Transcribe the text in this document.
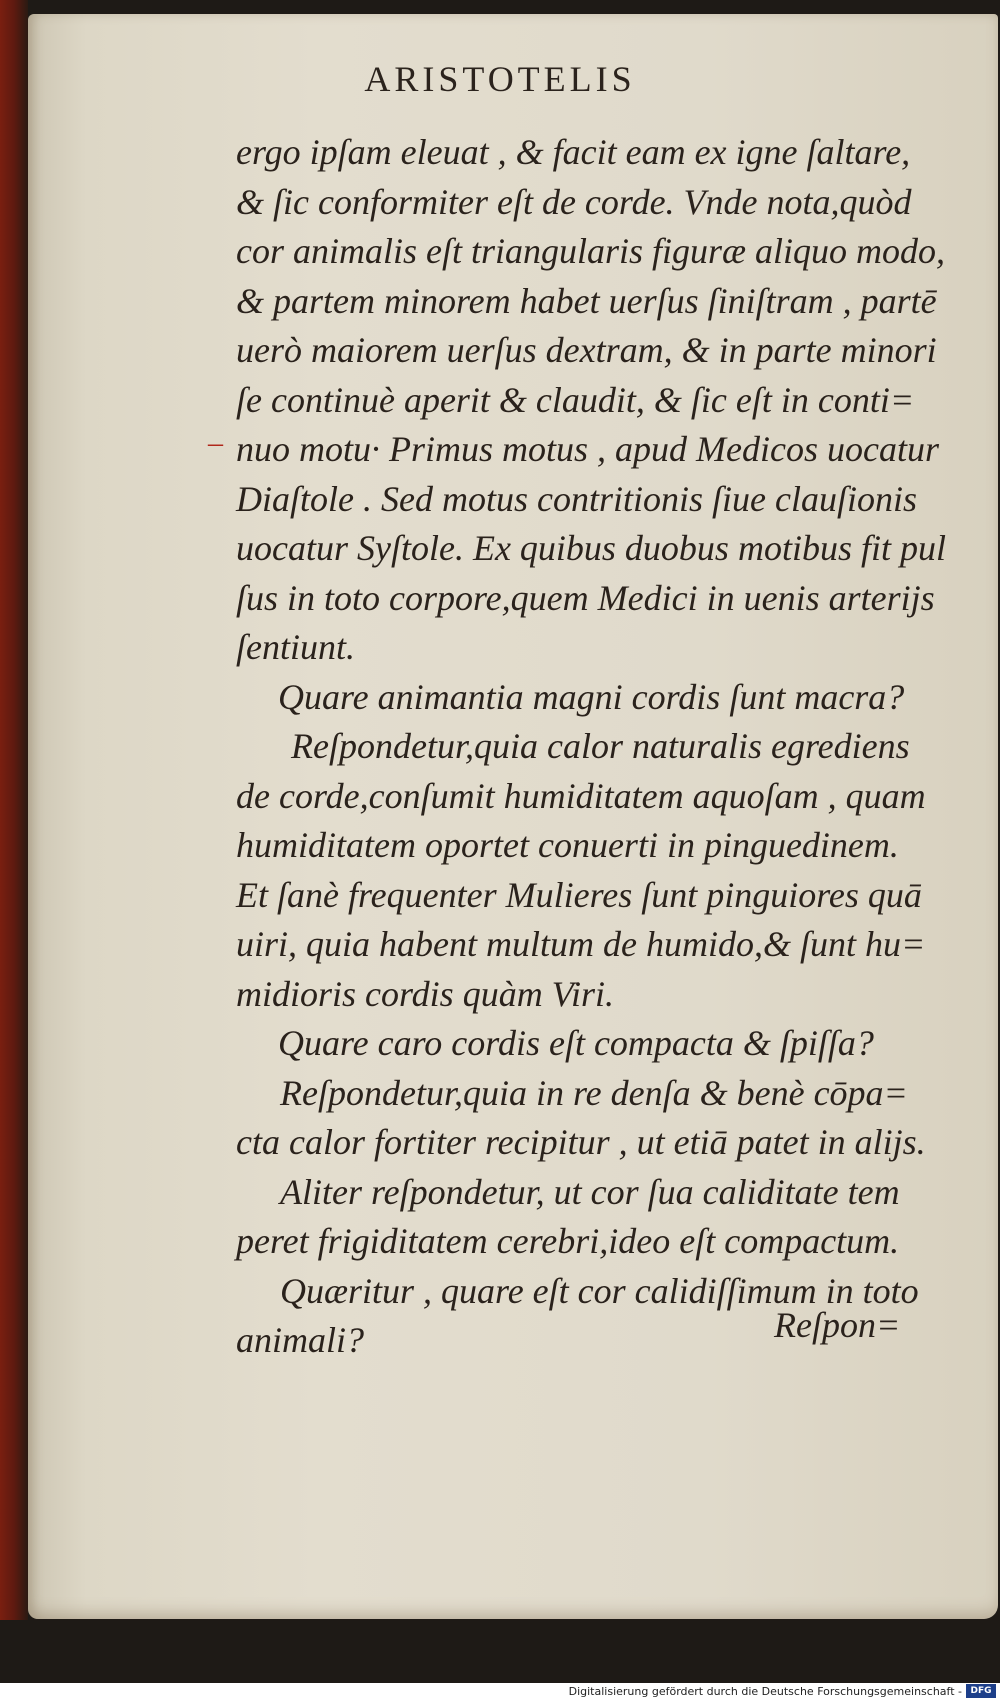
ARISTOTELIS
–
ergo ipſam eleuat , & facit eam ex igne ſaltare,
& ſic conformiter eſt de corde. Vnde nota,quòd
cor animalis eſt triangularis figuræ aliquo modo,
& partem minorem habet uerſus ſiniſtram , partē
uerò maiorem uerſus dextram, & in parte minori
ſe continuè aperit & claudit, & ſic eſt in conti=
nuo motu· Primus motus , apud Medicos uocatur
Diaſtole . Sed motus contritionis ſiue clauſionis
uocatur Syſtole. Ex quibus duobus motibus fit pul
ſus in toto corpore,quem Medici in uenis arterijs
ſentiunt.
Quare animantia magni cordis ſunt macra?
Reſpondetur,quia calor naturalis egrediens
de corde,conſumit humiditatem aquoſam , quam
humiditatem oportet conuerti in pinguedinem.
Et ſanè frequenter Mulieres ſunt pinguiores quā
uiri, quia habent multum de humido,& ſunt hu=
midioris cordis quàm Viri.
Quare caro cordis eſt compacta & ſpiſſa?
Reſpondetur,quia in re denſa & benè cōpa=
cta calor fortiter recipitur , ut etiā patet in alijs.
Aliter reſpondetur, ut cor ſua caliditate tem
peret frigiditatem cerebri,ideo eſt compactum.
Quæritur , quare eſt cor calidiſſimum in toto
animali?	Reſpon=
Digitalisierung gefördert durch die Deutsche Forschungsgemeinschaft - DFG
